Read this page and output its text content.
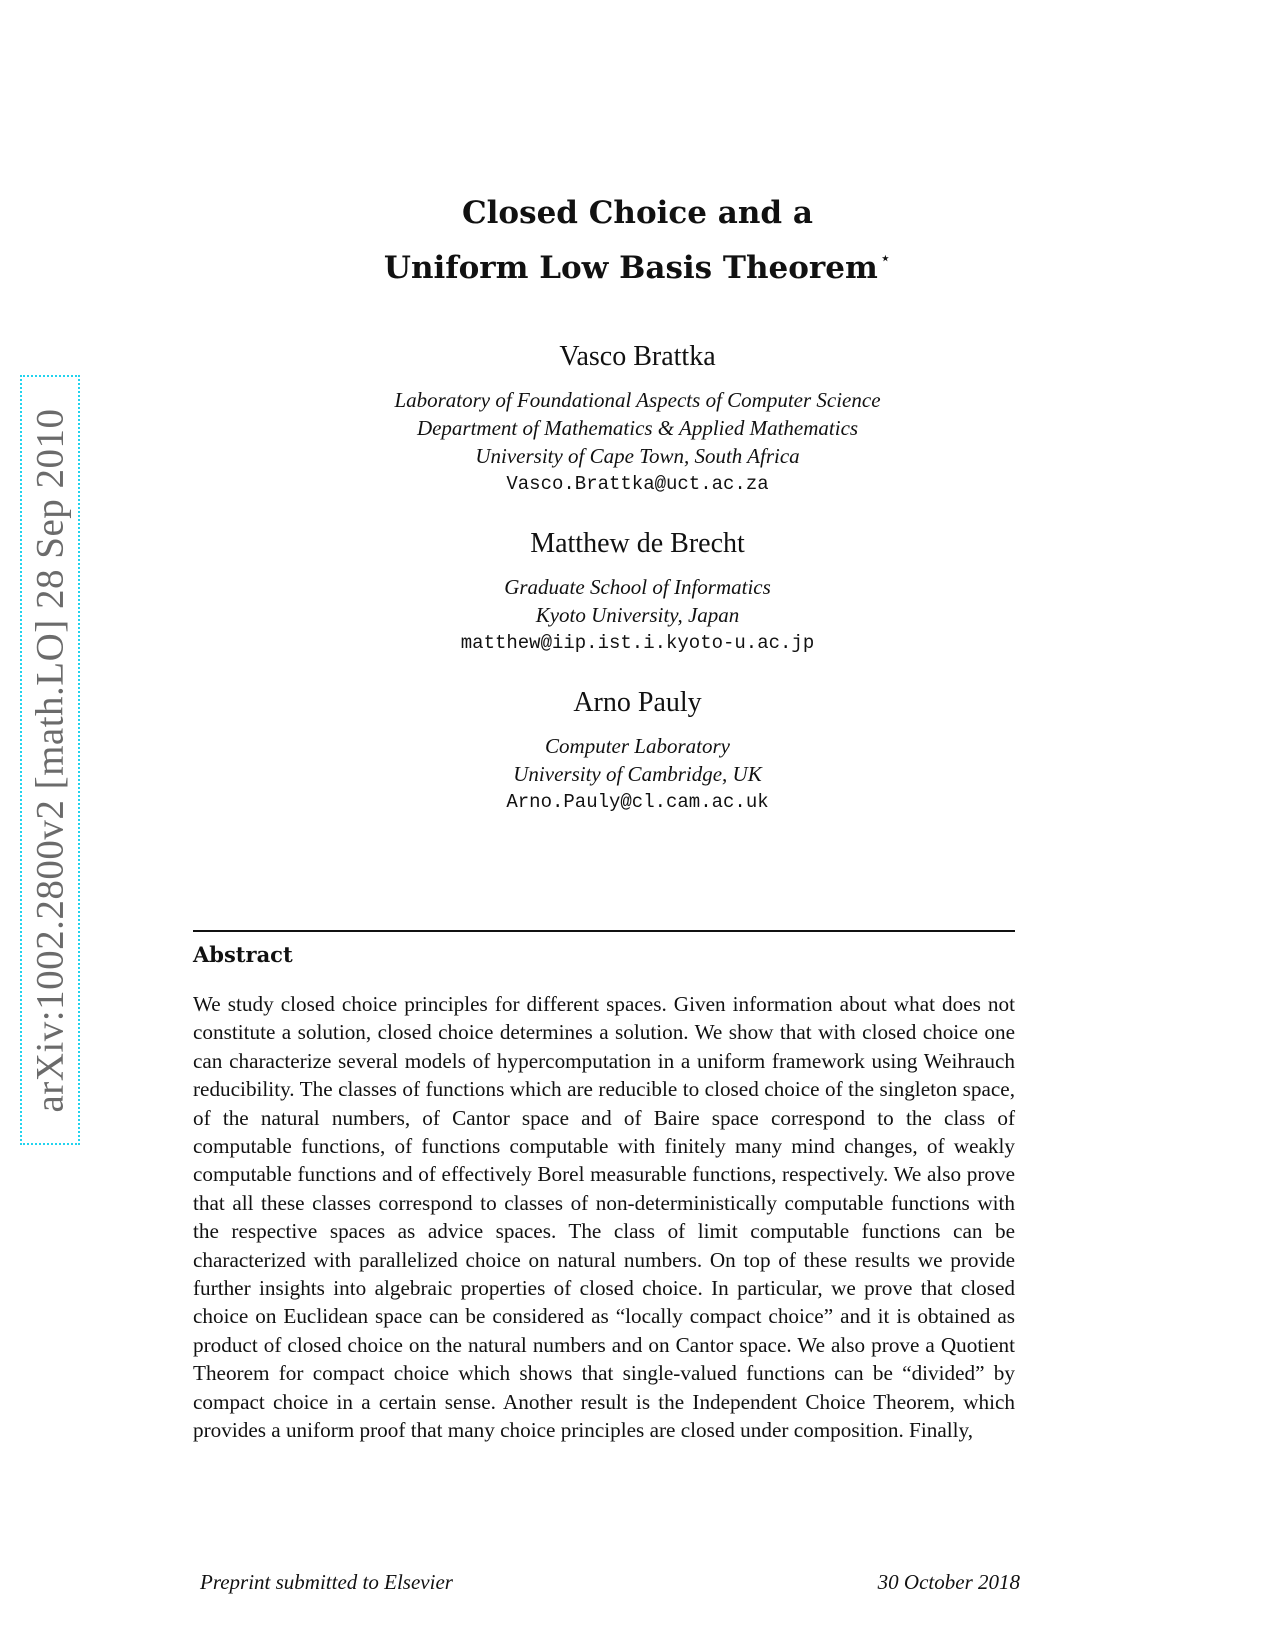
arXiv:1002.2800v2 [math.LO] 28 Sep 2010
Closed Choice and a
Uniform Low Basis Theorem ⋆
Vasco Brattka
Laboratory of Foundational Aspects of Computer Science
Department of Mathematics & Applied Mathematics
University of Cape Town, South Africa
Vasco.Brattka@uct.ac.za
Matthew de Brecht
Graduate School of Informatics
Kyoto University, Japan
matthew@iip.ist.i.kyoto-u.ac.jp
Arno Pauly
Computer Laboratory
University of Cambridge, UK
Arno.Pauly@cl.cam.ac.uk
Abstract
We study closed choice principles for different spaces. Given information about what does not constitute a solution, closed choice determines a solution. We show that with closed choice one can characterize several models of hypercomputation in a uniform framework using Weihrauch reducibility. The classes of functions which are reducible to closed choice of the singleton space, of the natural numbers, of Cantor space and of Baire space correspond to the class of computable functions, of functions computable with finitely many mind changes, of weakly computable functions and of effectively Borel measurable functions, respectively. We also prove that all these classes correspond to classes of non-deterministically computable functions with the respective spaces as advice spaces. The class of limit computable functions can be characterized with parallelized choice on natural numbers. On top of these results we provide further insights into algebraic properties of closed choice. In particular, we prove that closed choice on Euclidean space can be considered as “locally compact choice” and it is obtained as product of closed choice on the natural numbers and on Cantor space. We also prove a Quotient Theorem for compact choice which shows that single-valued functions can be “divided” by compact choice in a certain sense. Another result is the Independent Choice Theorem, which provides a uniform proof that many choice principles are closed under composition. Finally,
Preprint submitted to Elsevier	30 October 2018
